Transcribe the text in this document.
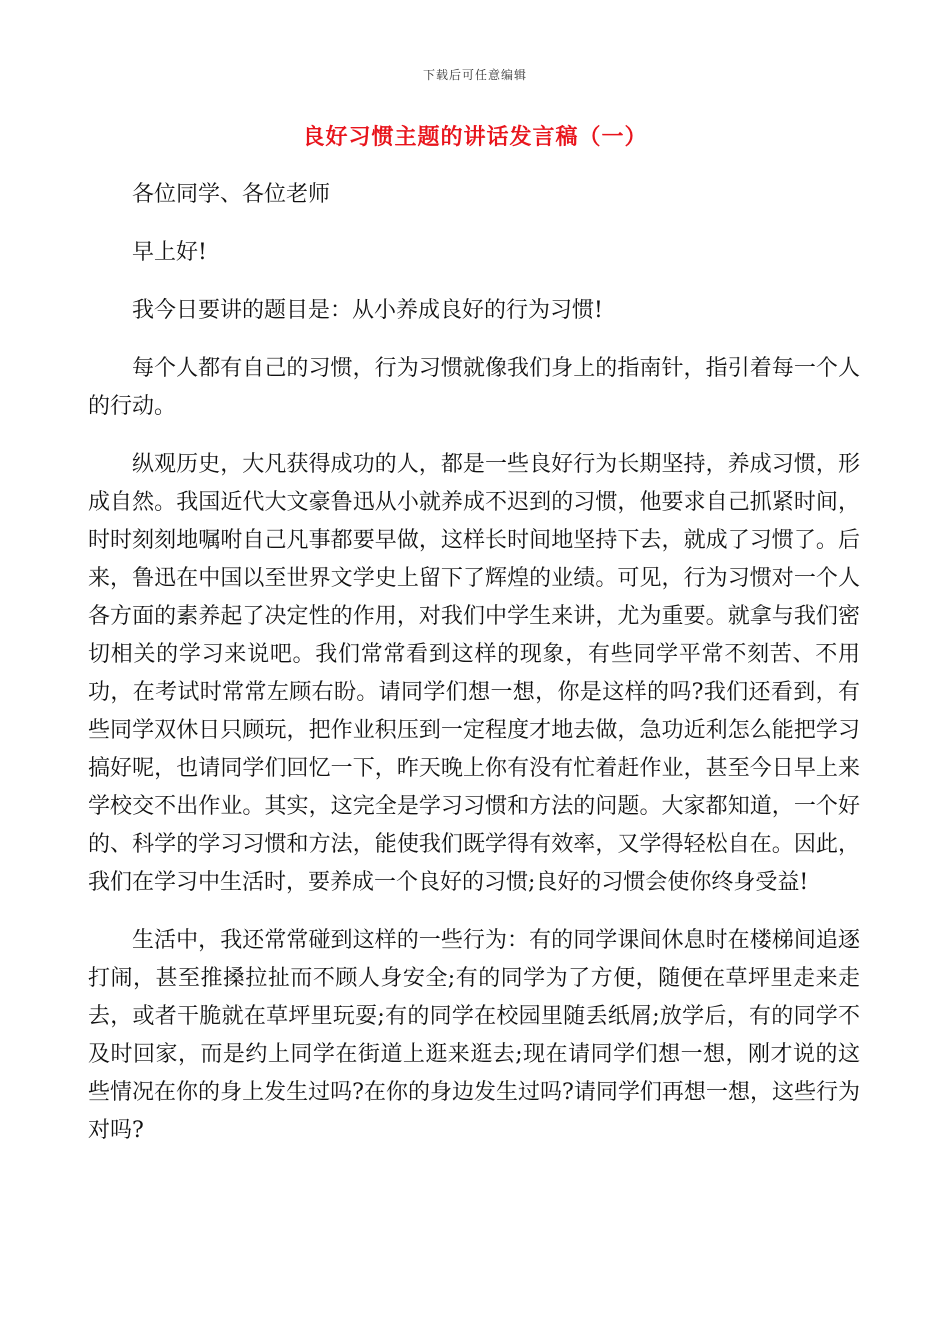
下载后可任意编辑
良好习惯主题的讲话发言稿（一）

各位同学、各位老师

早上好!

我今日要讲的题目是：从小养成良好的行为习惯!

每个人都有自己的习惯，行为习惯就像我们身上的指南针，指引着每一个人的行动。

纵观历史，大凡获得成功的人，都是一些良好行为长期坚持，养成习惯，形成自然。我国近代大文豪鲁迅从小就养成不迟到的习惯，他要求自己抓紧时间，时时刻刻地嘱咐自己凡事都要早做，这样长时间地坚持下去，就成了习惯了。后来，鲁迅在中国以至世界文学史上留下了辉煌的业绩。可见，行为习惯对一个人各方面的素养起了决定性的作用，对我们中学生来讲，尤为重要。就拿与我们密切相关的学习来说吧。我们常常看到这样的现象，有些同学平常不刻苦、不用功，在考试时常常左顾右盼。请同学们想一想，你是这样的吗?我们还看到，有些同学双休日只顾玩，把作业积压到一定程度才地去做，急功近利怎么能把学习搞好呢，也请同学们回忆一下，昨天晚上你有没有忙着赶作业，甚至今日早上来学校交不出作业。其实，这完全是学习习惯和方法的问题。大家都知道，一个好的、科学的学习习惯和方法，能使我们既学得有效率，又学得轻松自在。因此，我们在学习中生活时，要养成一个良好的习惯;良好的习惯会使你终身受益!

生活中，我还常常碰到这样的一些行为：有的同学课间休息时在楼梯间追逐打闹，甚至推搡拉扯而不顾人身安全;有的同学为了方便，随便在草坪里走来走去，或者干脆就在草坪里玩耍;有的同学在校园里随丢纸屑;放学后，有的同学不及时回家，而是约上同学在街道上逛来逛去;现在请同学们想一想，刚才说的这些情况在你的身上发生过吗?在你的身边发生过吗?请同学们再想一想，这些行为对吗?
